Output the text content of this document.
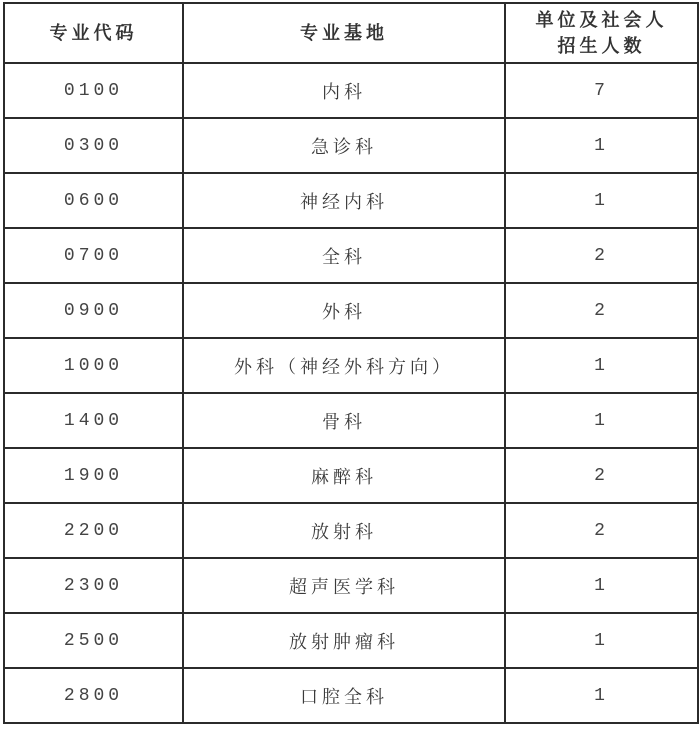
专业代码	专业基地	单位及社会人
招生人数

0100	内科	7
0300	急诊科	1
0600	神经内科	1
0700	全科	2
0900	外科	2
1000	外科（神经外科方向）	1
1400	骨科	1
1900	麻醉科	2
2200	放射科	2
2300	超声医学科	1
2500	放射肿瘤科	1
2800	口腔全科	1
